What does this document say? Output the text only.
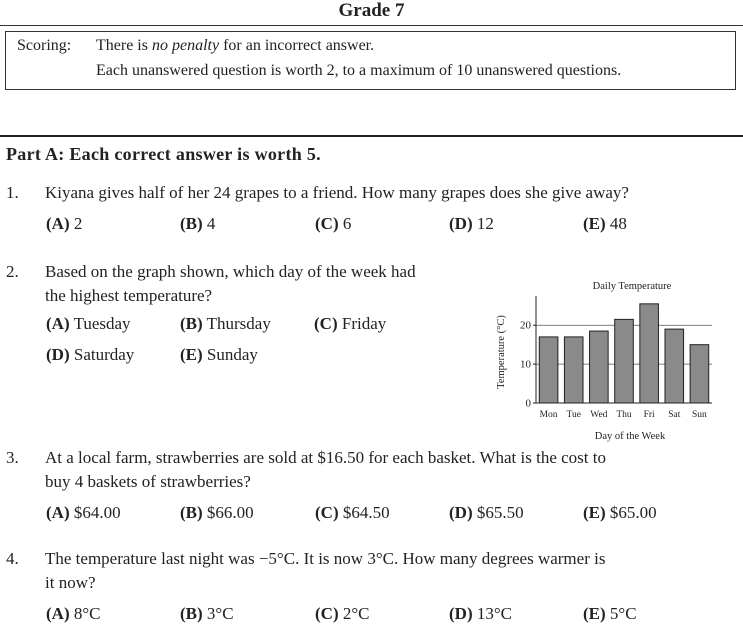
Grade 7
Scoring: There is no penalty for an incorrect answer.
Each unanswered question is worth 2, to a maximum of 10 unanswered questions.
Part A: Each correct answer is worth 5.
1. Kiyana gives half of her 24 grapes to a friend. How many grapes does she give away?
(A) 2	(B) 4	(C) 6	(D) 12	(E) 48
2. Based on the graph shown, which day of the week had
the highest temperature?
(A) Tuesday	(B) Thursday	(C) Friday
(D) Saturday	(E) Sunday
Daily Temperature
Temperature (°C)
Day of the Week
0
10
20
Mon Tue Wed Thu Fri Sat Sun
3. At a local farm, strawberries are sold at $16.50 for each basket. What is the cost to
buy 4 baskets of strawberries?
(A) $64.00	(B) $66.00	(C) $64.50	(D) $65.50	(E) $65.00
4. The temperature last night was −5°C. It is now 3°C. How many degrees warmer is
it now?
(A) 8°C	(B) 3°C	(C) 2°C	(D) 13°C	(E) 5°C
